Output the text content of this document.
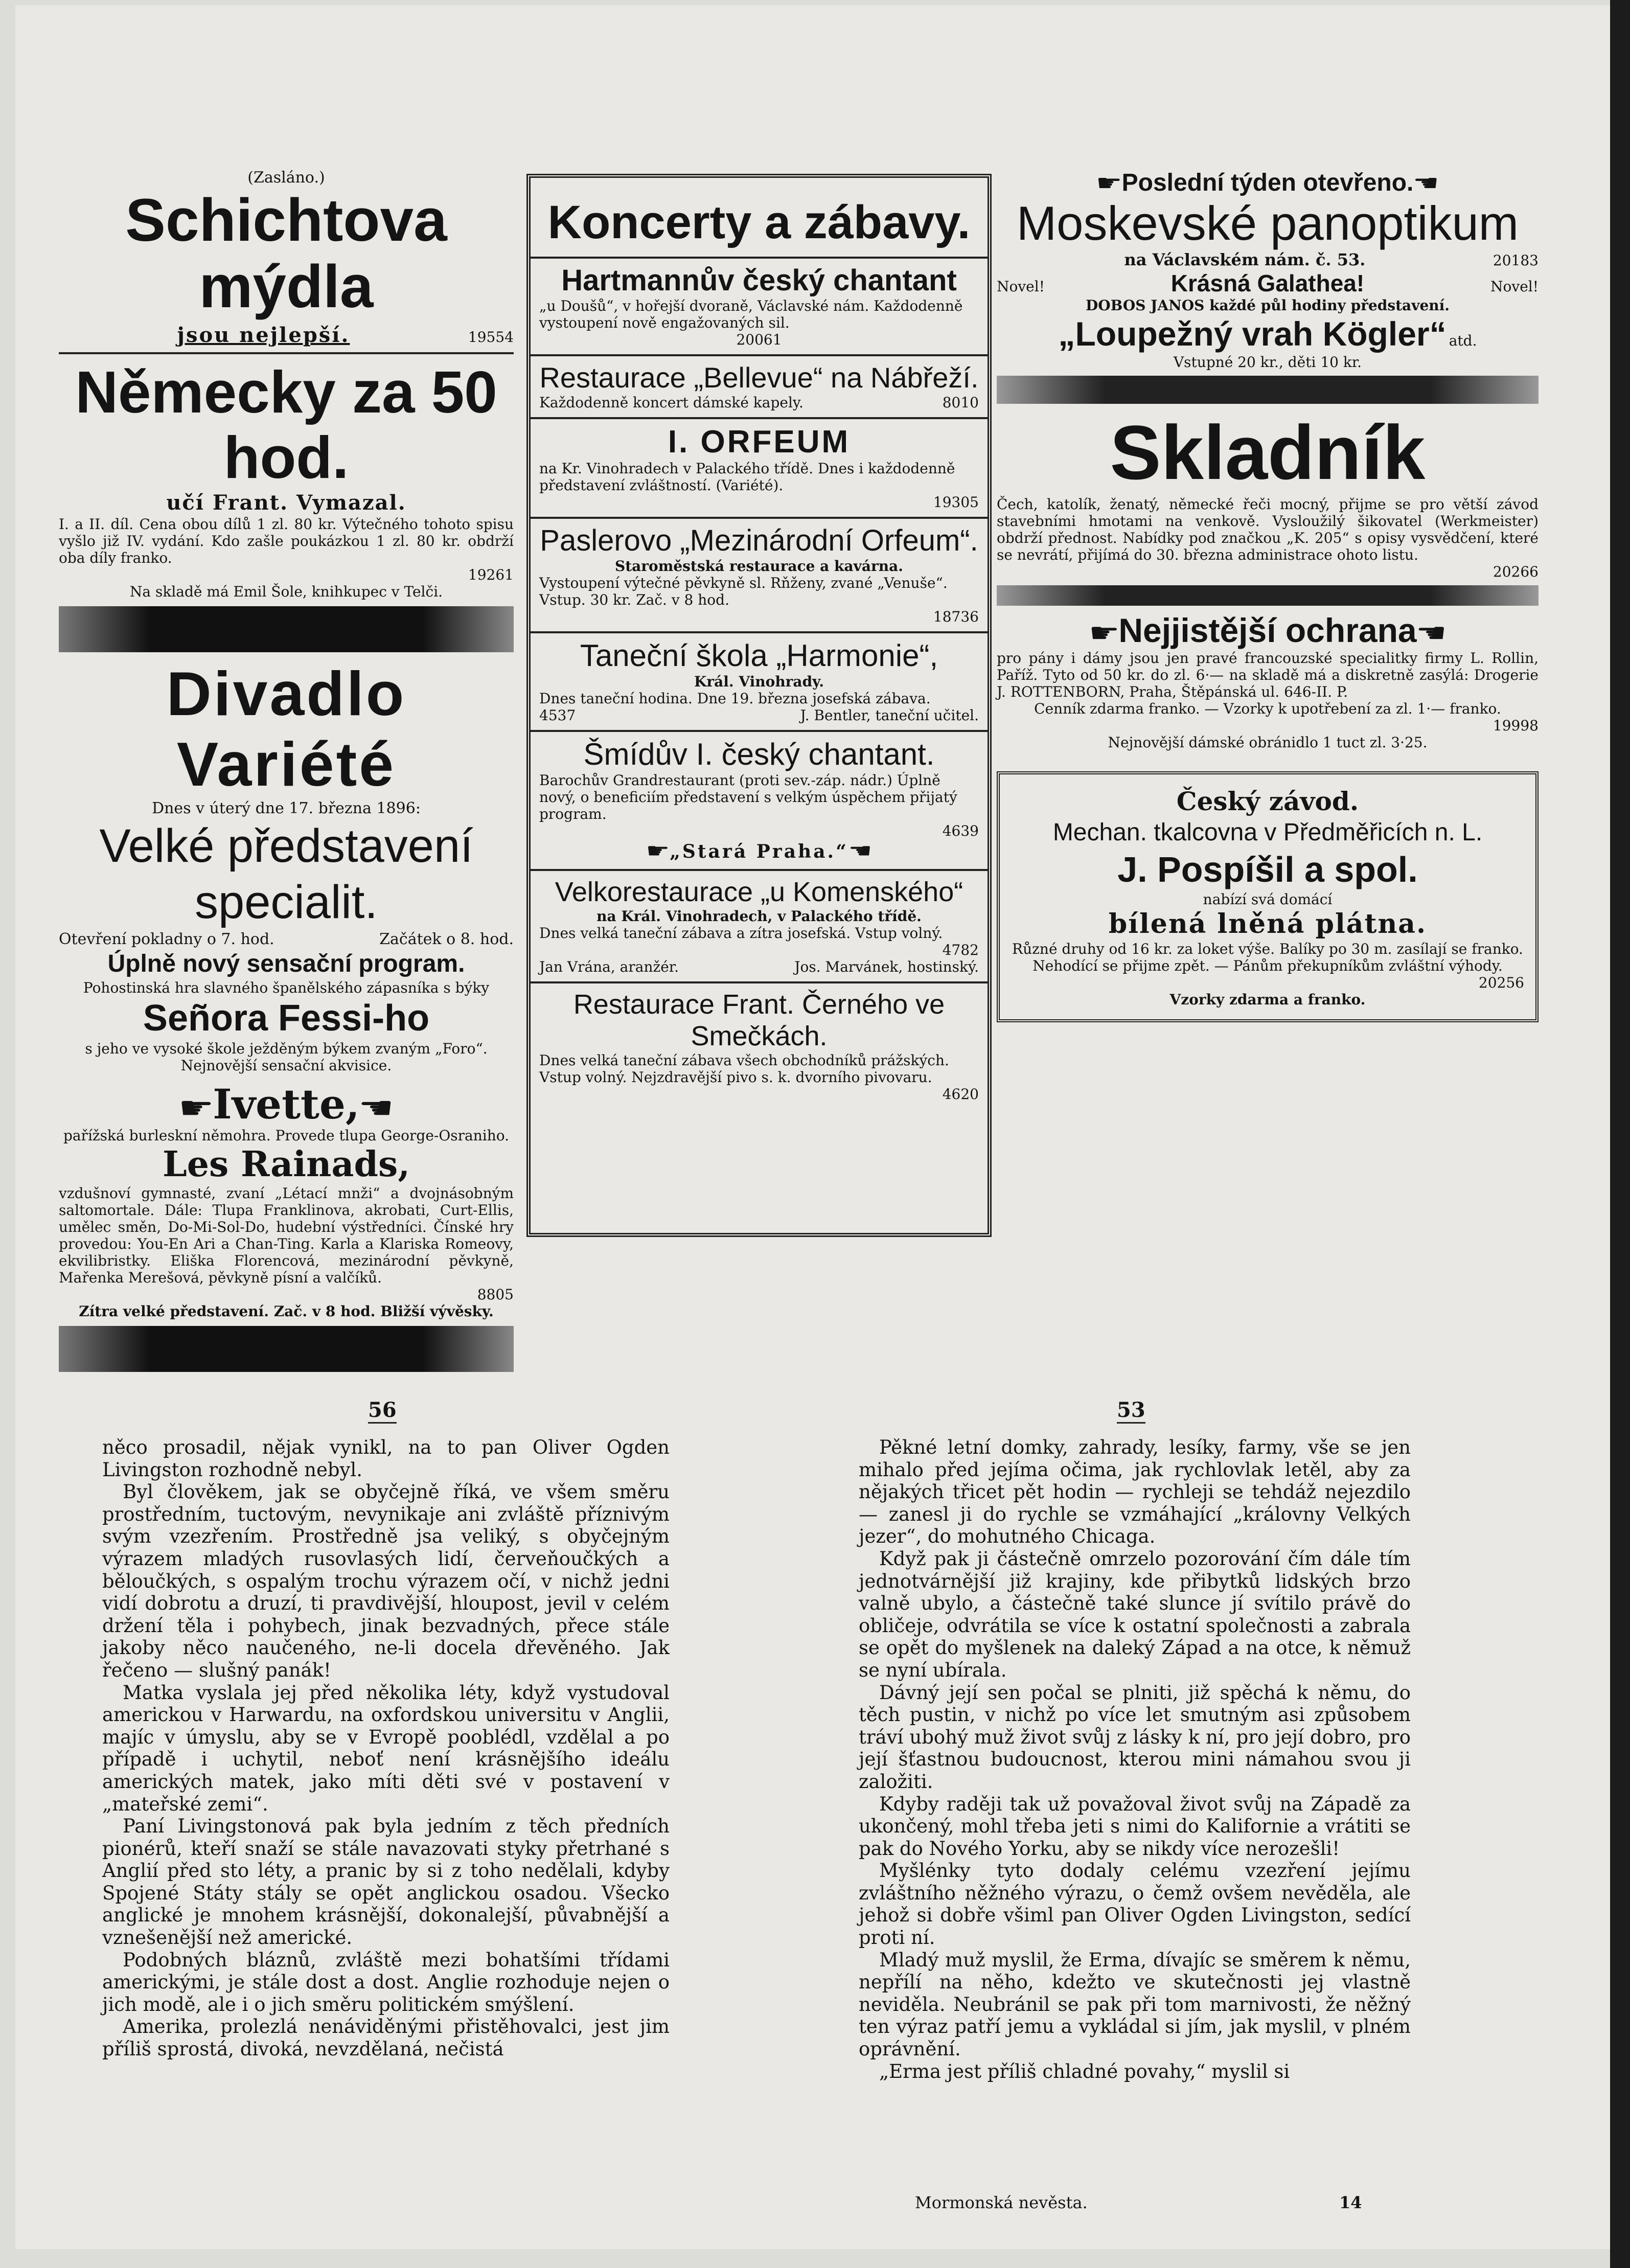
(Zasláno.)
Schichtova mýdla
jsou nejlepší.	19554
Německy za 50 hod.
učí Frant. Vymazal.

I. a II. díl. Cena obou dílů 1 zl. 80 kr. Výtečného tohoto spisu vyšlo již IV. vydání. Kdo zašle poukázkou 1 zl. 80 kr. obdrží oba díly franko.

19261
Na skladě má Emil Šole, knihkupec v Telči.
Divadlo Variété
Dnes v úterý dne 17. března 1896:
Velké představení specialit.
Otevření pokladny o 7. hod.	Začátek o 8. hod.
Úplně nový sensační program.
Pohostinská hra slavného španělského zápasníka s býky
Señora Fessi-ho
s jeho ve vysoké škole ježděným býkem zvaným „Foro“. Nejnovější sensační akvisice.
☛ Ivette, ☚
pařížská burleskní němohra. Provede tlupa George-Osraniho.
Les Rainads,

vzdušnoví gymnasté, zvaní „Létací mnži“ a dvojnásobným saltomortale. Dále: Tlupa Franklinova, akrobati, Curt-Ellis, umělec směn, Do-Mi-Sol-Do, hudební výstředníci. Čínské hry provedou: You-En Ari a Chan-Ting. Karla a Klariska Romeovy, ekvilibristky. Eliška Florencová, mezinárodní pěvkyně, Mařenka Merešová, pěvkyně písní a valčíků.

8805
Zítra velké představení. Zač. v 8 hod. Bližší vývěsky.
Koncerty a zábavy.
Hartmannův český chantant
„u Doušů“, v hořejší dvoraně, Václavské nám. Každodenně vystoupení nově engažovaných sil.
20061
Restaurace „Bellevue“ na Nábřeží.
Každodenně koncert dámské kapely.	8010
I. ORFEUM
na Kr. Vinohradech v Palackého třídě. Dnes i každodenně představení zvláštností. (Variété).
19305
Paslerovo „Mezinárodní Orfeum“.
Staroměstská restaurace a kavárna.
Vystoupení výtečné pěvkyně sl. Rňženy, zvané „Venuše“. Vstup. 30 kr. Zač. v 8 hod.
18736
Taneční škola „Harmonie“,
Král. Vinohrady.
Dnes taneční hodina. Dne 19. března josefská zábava.
4537	J. Bentler, taneční učitel.
Šmídův I. český chantant.
Barochův Grandrestaurant (proti sev.-záp. nádr.) Úplně nový, o beneficiím představení s velkým úspěchem přijatý program.
4639
☛ „Stará Praha.“ ☚
Velkorestaurace „u Komenského“
na Král. Vinohradech, v Palackého třídě.
Dnes velká taneční zábava a zítra josefská. Vstup volný.
4782
Jan Vrána, aranžér.	Jos. Marvánek, hostinský.
Restaurace Frant. Černého ve Smečkách.
Dnes velká taneční zábava všech obchodníků prážských. Vstup volný. Nejzdravější pivo s. k. dvorního pivovaru.
4620
☛ Poslední týden otevřeno. ☚
Moskevské panoptikum
na Václavském nám. č. 53.	20183
Novel!	Krásná Galathea!	Novel!
DOBOS JANOS každé půl hodiny představení.
„Loupežný vrah Kögler“ atd.
Vstupné 20 kr., děti 10 kr.
Skladník

Čech, katolík, ženatý, německé řeči mocný, přijme se pro větší závod stavebními hmotami na venkově. Vysloužilý šikovatel (Werkmeister) obdrží přednost. Nabídky pod značkou „K. 205“ s opisy vysvědčení, které se nevrátí, přijímá do 30. března administrace ohoto listu.

20266
☛ Nejjistější ochrana ☚

pro pány i dámy jsou jen pravé francouzské specialitky firmy L. Rollin, Paříž. Tyto od 50 kr. do zl. 6·— na skladě má a diskretně zasýlá: Drogerie J. ROTTENBORN, Praha, Štěpánská ul. 646-II. P.

Cenník zdarma franko. — Vzorky k upotřebení za zl. 1·— franko.
19998
Nejnovější dámské obránidlo 1 tuct zl. 3·25.
Český závod.
Mechan. tkalcovna v Předměřicích n. L.
J. Pospíšil a spol.
nabízí svá domácí
bílená lněná plátna.

Různé druhy od 16 kr. za loket výše. Balíky po 30 m. zasílají se franko. Nehodící se přijme zpět. — Pánům překupníkům zvláštní výhody.

20256
Vzorky zdarma a franko.
56	53

něco prosadil, nějak vynikl, na to pan Oliver Ogden Livingston rozhodně nebyl.

Byl člověkem, jak se obyčejně říká, ve všem směru prostředním, tuctovým, nevynikaje ani zvláště příznivým svým vzezřením. Prostředně jsa veliký, s obyčejným výrazem mladých rusovlasých lidí, červeňoučkých a běloučkých, s ospalým trochu výrazem očí, v nichž jedni vidí dobrotu a druzí, ti pravdivější, hloupost, jevil v celém držení těla i pohybech, jinak bezvadných, přece stále jakoby něco naučeného, ne-li docela dřevěného. Jak řečeno — slušný panák!

Matka vyslala jej před několika léty, když vystudoval americkou v Harwardu, na oxfordskou universitu v Anglii, majíc v úmyslu, aby se v Evropě pooblédl, vzdělal a po případě i uchytil, neboť není krásnějšího ideálu amerických matek, jako míti děti své v postavení v „mateřské zemi“.

Paní Livingstonová pak byla jedním z těch předních pionérů, kteří snaží se stále navazovati styky přetrhané s Anglií před sto léty, a pranic by si z toho nedělali, kdyby Spojené Státy stály se opět anglickou osadou. Všecko anglické je mnohem krásnější, dokonalejší, půvabnější a vznešenější než americké.

Podobných bláznů, zvláště mezi bohatšími třídami americkými, je stále dost a dost. Anglie rozhoduje nejen o jich modě, ale i o jich směru politickém smýšlení.

Amerika, prolezlá nenáviděnými přistěhovalci, jest jim příliš sprostá, divoká, nevzdělaná, nečistá

Pěkné letní domky, zahrady, lesíky, farmy, vše se jen mihalo před jejíma očima, jak rychlovlak letěl, aby za nějakých třicet pět hodin — rychleji se tehdáž nejezdilo — zanesl ji do rychle se vzmáhající „královny Velkých jezer“, do mohutného Chicaga.

Když pak ji částečně omrzelo pozorování čím dále tím jednotvárnější již krajiny, kde přibytků lidských brzo valně ubylo, a částečně také slunce jí svítilo právě do obličeje, odvrátila se více k ostatní společnosti a zabrala se opět do myšlenek na daleký Západ a na otce, k němuž se nyní ubírala.

Dávný její sen počal se plniti, již spěchá k němu, do těch pustin, v nichž po více let smutným asi způsobem tráví ubohý muž život svůj z lásky k ní, pro její dobro, pro její šťastnou budoucnost, kterou mini námahou svou ji založiti.

Kdyby raději tak už považoval život svůj na Západě za ukončený, mohl třeba jeti s nimi do Kalifornie a vrátiti se pak do Nového Yorku, aby se nikdy více nerozešli!

Myšlénky tyto dodaly celému vzezření jejímu zvláštního něžného výrazu, o čemž ovšem nevěděla, ale jehož si dobře všiml pan Oliver Ogden Livingston, sedící proti ní.

Mladý muž myslil, že Erma, dívajíc se směrem k němu, nepřílí na něho, kdežto ve skutečnosti jej vlastně neviděla. Neubránil se pak při tom marnivosti, že něžný ten výraz patří jemu a vykládal si jím, jak myslil, v plném oprávnění.

„Erma jest příliš chladné povahy,“ myslil si

Mormonská nevěsta.	14
